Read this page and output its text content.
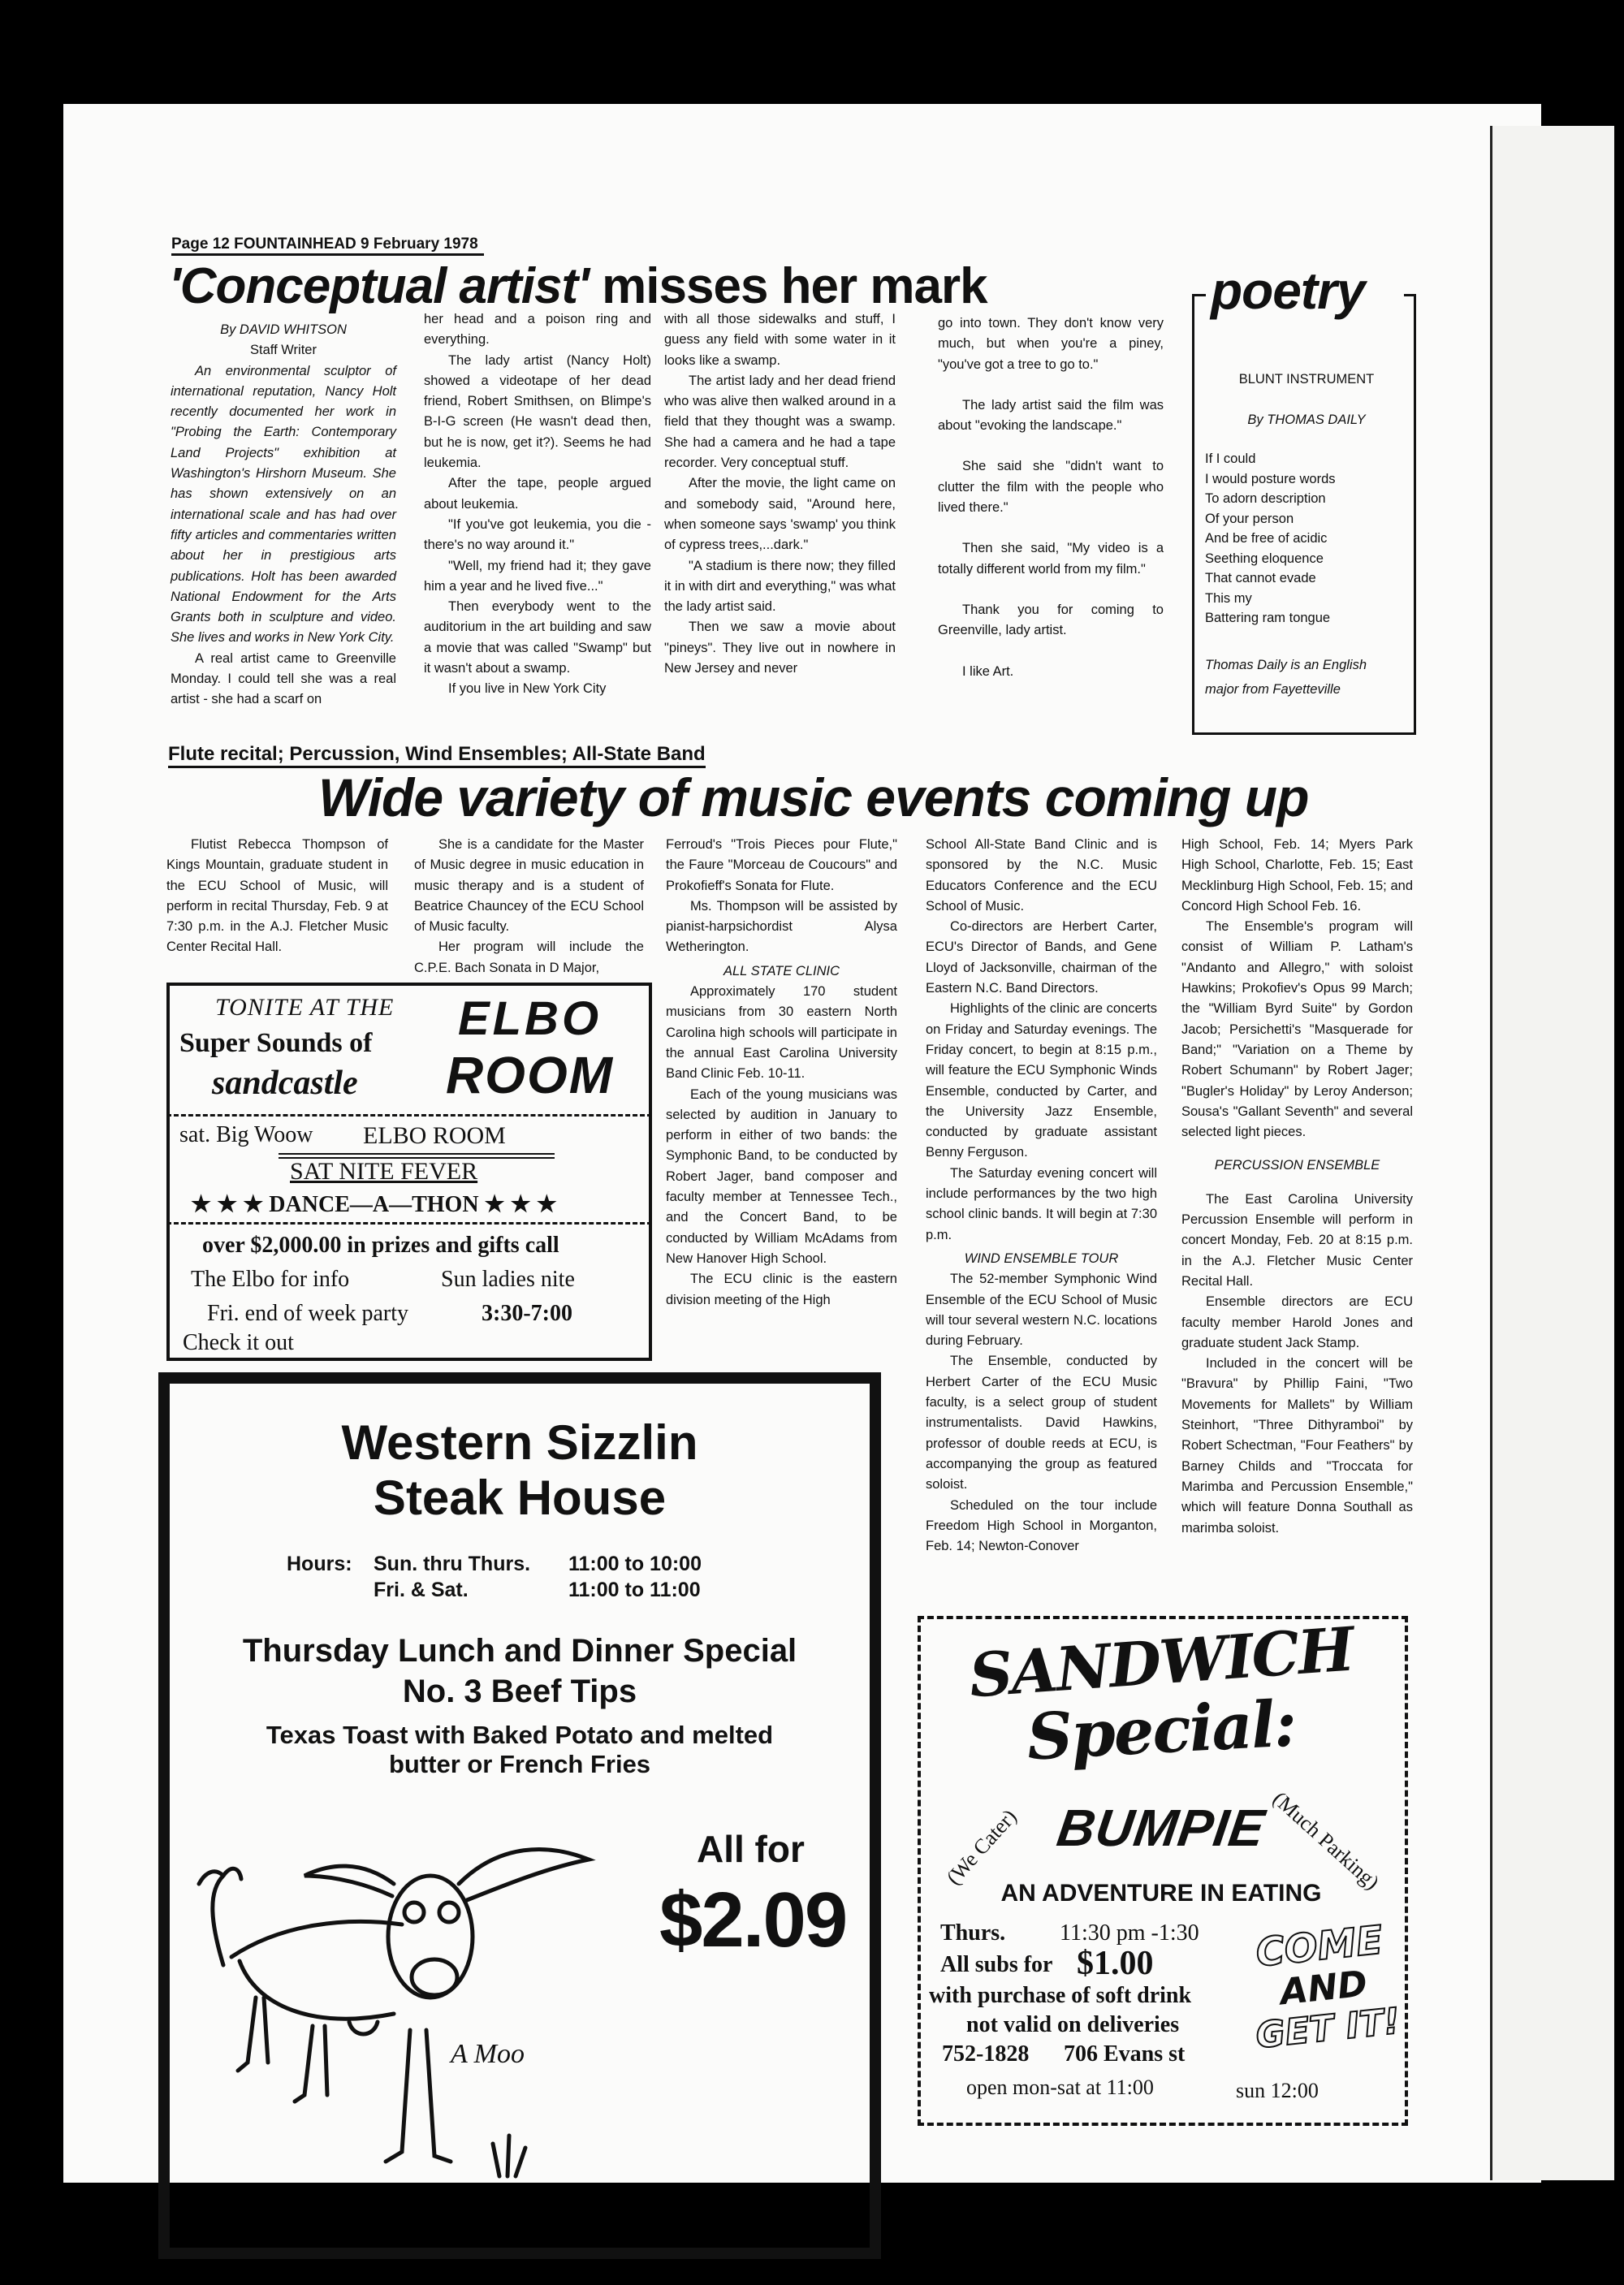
Page 12 FOUNTAINHEAD 9 February 1978
'Conceptual artist' misses her mark

By DAVID WHITSON

Staff Writer

An environmental sculptor of international reputation, Nancy Holt recently documented her work in "Probing the Earth: Contemporary Land Projects" exhibition at Washington's Hirshorn Museum. She has shown extensively on an international scale and has had over fifty articles and commentaries written about her in prestigious arts publications. Holt has been awarded National Endowment for the Arts Grants both in sculpture and video. She lives and works in New York City.

A real artist came to Greenville Monday. I could tell she was a real artist - she had a scarf on

her head and a poison ring and everything.

The lady artist (Nancy Holt) showed a videotape of her dead friend, Robert Smithsen, on Blimpe's B-I-G screen (He wasn't dead then, but he is now, get it?). Seems he had leukemia.

After the tape, people argued about leukemia.

"If you've got leukemia, you die - there's no way around it."

"Well, my friend had it; they gave him a year and he lived five..."

Then everybody went to the auditorium in the art building and saw a movie that was called "Swamp" but it wasn't about a swamp.

If you live in New York City

with all those sidewalks and stuff, I guess any field with some water in it looks like a swamp.

The artist lady and her dead friend who was alive then walked around in a field that they thought was a swamp. She had a camera and he had a tape recorder. Very conceptual stuff.

After the movie, the light came on and somebody said, "Around here, when someone says 'swamp' you think of cypress trees,...dark."

"A stadium is there now; they filled it in with dirt and everything," was what the lady artist said.

Then we saw a movie about "pineys". They live out in nowhere in New Jersey and never

go into town. They don't know very much, but when you're a piney, "you've got a tree to go to."

The lady artist said the film was about "evoking the landscape."

She said she "didn't want to clutter the film with the people who lived there."

Then she said, "My video is a totally different world from my film."

Thank you for coming to Greenville, lady artist.

I like Art.

poetry

BLUNT INSTRUMENT

By THOMAS DAILY

If I could

I would posture words

To adorn description

Of your person

And be free of acidic

Seething eloquence

That cannot evade

This my

Battering ram tongue

Thomas Daily is an English

major from Fayetteville

Flute recital; Percussion, Wind Ensembles; All-State Band
Wide variety of music events coming up

Flutist Rebecca Thompson of Kings Mountain, graduate student in the ECU School of Music, will perform in recital Thursday, Feb. 9 at 7:30 p.m. in the A.J. Fletcher Music Center Recital Hall.

She is a candidate for the Master of Music degree in music education in music therapy and is a student of Beatrice Chauncey of the ECU School of Music faculty.

Her program will include the C.P.E. Bach Sonata in D Major,

Ferroud's "Trois Pieces pour Flute," the Faure "Morceau de Coucours" and Prokofieff's Sonata for Flute.

Ms. Thompson will be assisted by pianist-harpsichordist Alysa Wetherington.

ALL STATE CLINIC

Approximately 170 student musicians from 30 eastern North Carolina high schools will participate in the annual East Carolina University Band Clinic Feb. 10-11.

Each of the young musicians was selected by audition in January to perform in either of two bands: the Symphonic Band, to be conducted by Robert Jager, band composer and faculty member at Tennessee Tech., and the Concert Band, to be conducted by William McAdams from New Hanover High School.

The ECU clinic is the eastern division meeting of the High

School All-State Band Clinic and is sponsored by the N.C. Music Educators Conference and the ECU School of Music.

Co-directors are Herbert Carter, ECU's Director of Bands, and Gene Lloyd of Jacksonville, chairman of the Eastern N.C. Band Directors.

Highlights of the clinic are concerts on Friday and Saturday evenings. The Friday concert, to begin at 8:15 p.m., will feature the ECU Symphonic Winds Ensemble, conducted by Carter, and the University Jazz Ensemble, conducted by graduate assistant Benny Ferguson.

The Saturday evening concert will include performances by the two high school clinic bands. It will begin at 7:30 p.m.

WIND ENSEMBLE TOUR

The 52-member Symphonic Wind Ensemble of the ECU School of Music will tour several western N.C. locations during February.

The Ensemble, conducted by Herbert Carter of the ECU Music faculty, is a select group of student instrumentalists. David Hawkins, professor of double reeds at ECU, is accompanying the group as featured soloist.

Scheduled on the tour include Freedom High School in Morganton, Feb. 14; Newton-Conover

High School, Feb. 14; Myers Park High School, Charlotte, Feb. 15; East Mecklinburg High School, Feb. 15; and Concord High School Feb. 16.

The Ensemble's program will consist of William P. Latham's "Andanto and Allegro," with soloist Hawkins; Prokofiev's Opus 99 March; the "William Byrd Suite" by Gordon Jacob; Persichetti's "Masquerade for Band;" "Variation on a Theme by Robert Schumann" by Robert Jager; "Bugler's Holiday" by Leroy Anderson; Sousa's "Gallant Seventh" and several selected light pieces.

PERCUSSION ENSEMBLE

The East Carolina University Percussion Ensemble will perform in concert Monday, Feb. 20 at 8:15 p.m. in the A.J. Fletcher Music Center Recital Hall.

Ensemble directors are ECU faculty member Harold Jones and graduate student Jack Stamp.

Included in the concert will be "Bravura" by Phillip Faini, "Two Movements for Mallets" by William Steinhort, "Three Dithyramboi" by Robert Schectman, "Four Feathers" by Barney Childs and "Troccata for Marimba and Percussion Ensemble," which will feature Donna Southall as marimba soloist.

TONITE AT THE
Super Sounds of
sandcastle
ELBO
ROOM
sat. Big Woow ELBO ROOM
SAT NITE FEVER
★ ★ ★ DANCE—A—THON ★ ★ ★
over $2,000.00 in prizes and gifts call
The Elbo for info	Sun ladies nite
Fri. end of week party	3:30-7:00
Check it out
Western Sizzlin
Steak House
Hours: Sun. thru Thurs. 11:00 to 10:00
Fri. & Sat.	11:00 to 11:00
Thursday Lunch and Dinner Special
No. 3 Beef Tips
Texas Toast with Baked Potato and melted
butter or French Fries
All for
$2.09
A Moo
SANDWICH
Special:
(We Cater)	(Much Parking)
BUMPIE
AN ADVENTURE IN EATING
Thurs. 11:30 pm -1:30
All subs for $1.00
with purchase of soft drink
not valid on deliveries
752-1828 706 Evans st
open mon-sat at 11:00	sun 12:00
COME
AND
GET IT!
